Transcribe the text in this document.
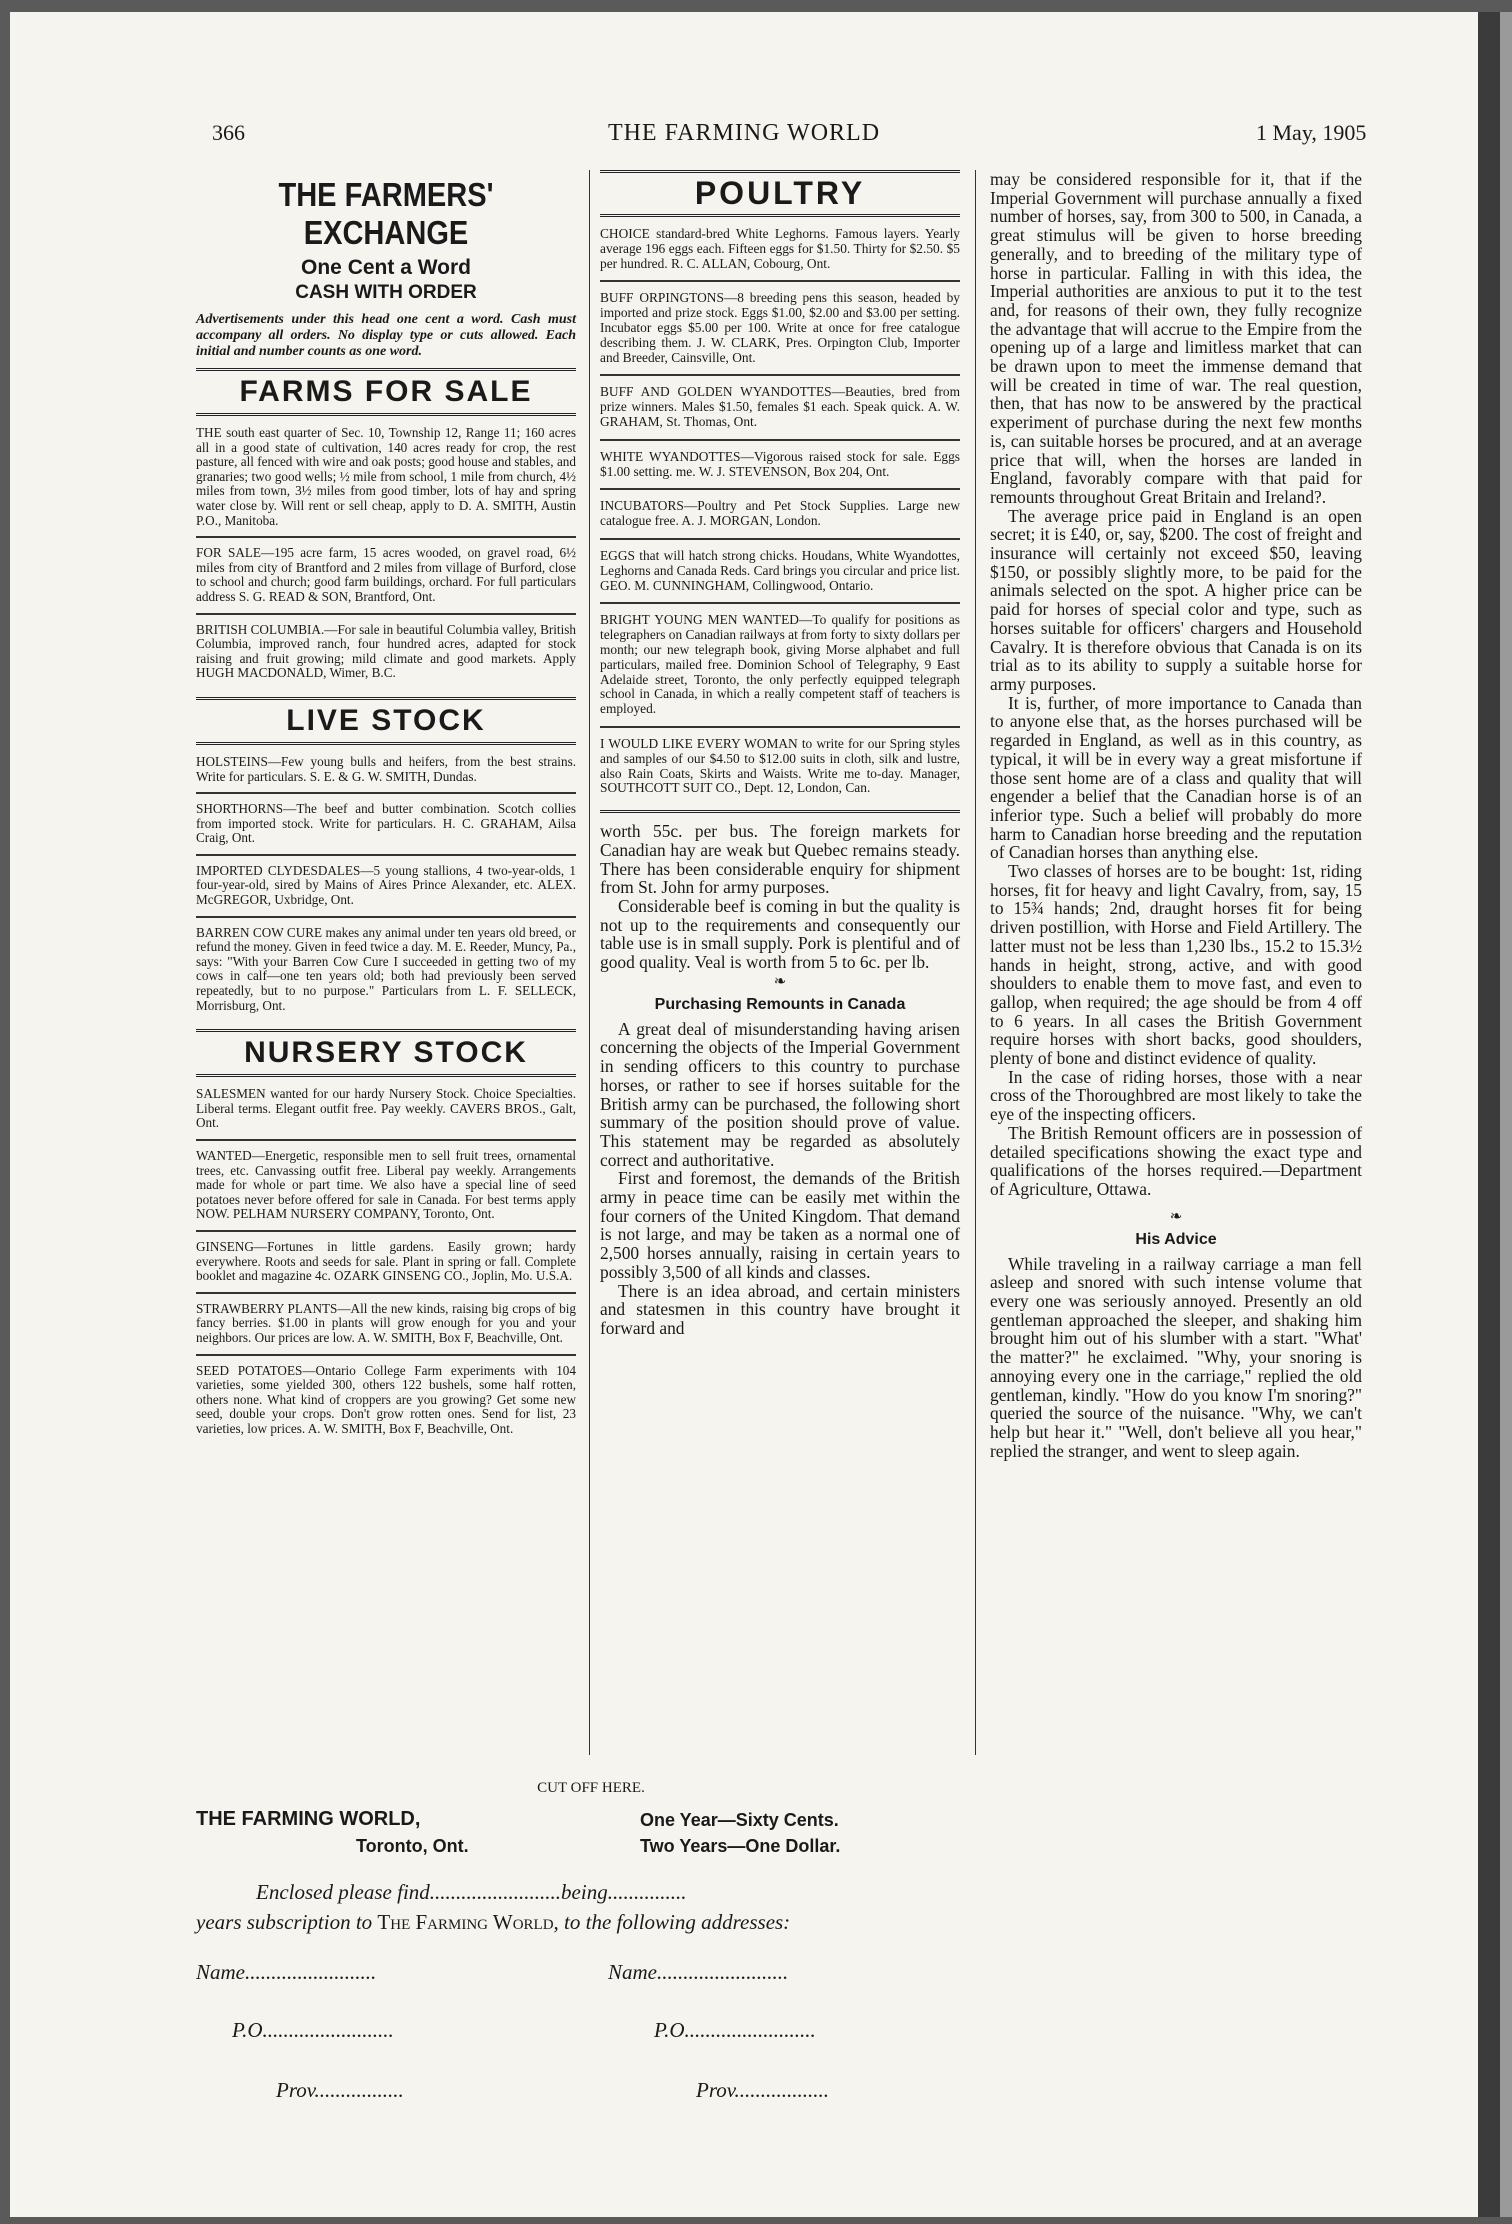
366	THE FARMING WORLD	1 May, 1905
THE FARMERS' EXCHANGE
One Cent a Word
CASH WITH ORDER
Advertisements under this head one cent a word. Cash must accompany all orders. No display type or cuts allowed. Each initial and number counts as one word.
FARMS FOR SALE
THE south east quarter of Sec. 10, Township 12, Range 11; 160 acres all in a good state of cultivation, 140 acres ready for crop, the rest pasture, all fenced with wire and oak posts; good house and stables, and granaries; two good wells; ½ mile from school, 1 mile from church, 4½ miles from town, 3½ miles from good timber, lots of hay and spring water close by. Will rent or sell cheap, apply to D. A. SMITH, Austin P.O., Manitoba.
FOR SALE—195 acre farm, 15 acres wooded, on gravel road, 6½ miles from city of Brantford and 2 miles from village of Burford, close to school and church; good farm buildings, orchard. For full particulars address S. G. READ & SON, Brantford, Ont.
BRITISH COLUMBIA.—For sale in beautiful Columbia valley, British Columbia, improved ranch, four hundred acres, adapted for stock raising and fruit growing; mild climate and good markets. Apply HUGH MACDONALD, Wimer, B.C.
LIVE STOCK
HOLSTEINS—Few young bulls and heifers, from the best strains. Write for particulars. S. E. & G. W. SMITH, Dundas.
SHORTHORNS—The beef and butter combination. Scotch collies from imported stock. Write for particulars. H. C. GRAHAM, Ailsa Craig, Ont.
IMPORTED CLYDESDALES—5 young stallions, 4 two-year-olds, 1 four-year-old, sired by Mains of Aires Prince Alexander, etc. ALEX. McGREGOR, Uxbridge, Ont.
BARREN COW CURE makes any animal under ten years old breed, or refund the money. Given in feed twice a day. M. E. Reeder, Muncy, Pa., says: "With your Barren Cow Cure I succeeded in getting two of my cows in calf—one ten years old; both had previously been served repeatedly, but to no purpose." Particulars from L. F. SELLECK, Morrisburg, Ont.
NURSERY STOCK
SALESMEN wanted for our hardy Nursery Stock. Choice Specialties. Liberal terms. Elegant outfit free. Pay weekly. CAVERS BROS., Galt, Ont.
WANTED—Energetic, responsible men to sell fruit trees, ornamental trees, etc. Canvassing outfit free. Liberal pay weekly. Arrangements made for whole or part time. We also have a special line of seed potatoes never before offered for sale in Canada. For best terms apply NOW. PELHAM NURSERY COMPANY, Toronto, Ont.
GINSENG—Fortunes in little gardens. Easily grown; hardy everywhere. Roots and seeds for sale. Plant in spring or fall. Complete booklet and magazine 4c. OZARK GINSENG CO., Joplin, Mo. U.S.A.
STRAWBERRY PLANTS—All the new kinds, raising big crops of big fancy berries. $1.00 in plants will grow enough for you and your neighbors. Our prices are low. A. W. SMITH, Box F, Beachville, Ont.
SEED POTATOES—Ontario College Farm experiments with 104 varieties, some yielded 300, others 122 bushels, some half rotten, others none. What kind of croppers are you growing? Get some new seed, double your crops. Don't grow rotten ones. Send for list, 23 varieties, low prices. A. W. SMITH, Box F, Beachville, Ont.
POULTRY
CHOICE standard-bred White Leghorns. Famous layers. Yearly average 196 eggs each. Fifteen eggs for $1.50. Thirty for $2.50. $5 per hundred. R. C. ALLAN, Cobourg, Ont.
BUFF ORPINGTONS—8 breeding pens this season, headed by imported and prize stock. Eggs $1.00, $2.00 and $3.00 per setting. Incubator eggs $5.00 per 100. Write at once for free catalogue describing them. J. W. CLARK, Pres. Orpington Club, Importer and Breeder, Cainsville, Ont.
BUFF AND GOLDEN WYANDOTTES—Beauties, bred from prize winners. Males $1.50, females $1 each. Speak quick. A. W. GRAHAM, St. Thomas, Ont.
WHITE WYANDOTTES—Vigorous raised stock for sale. Eggs $1.00 setting. me. W. J. STEVENSON, Box 204, Ont.
INCUBATORS—Poultry and Pet Stock Supplies. Large new catalogue free. A. J. MORGAN, London.
EGGS that will hatch strong chicks. Houdans, White Wyandottes, Leghorns and Canada Reds. Card brings you circular and price list. GEO. M. CUNNINGHAM, Collingwood, Ontario.
BRIGHT YOUNG MEN WANTED—To qualify for positions as telegraphers on Canadian railways at from forty to sixty dollars per month; our new telegraph book, giving Morse alphabet and full particulars, mailed free. Dominion School of Telegraphy, 9 East Adelaide street, Toronto, the only perfectly equipped telegraph school in Canada, in which a really competent staff of teachers is employed.
I WOULD LIKE EVERY WOMAN to write for our Spring styles and samples of our $4.50 to $12.00 suits in cloth, silk and lustre, also Rain Coats, Skirts and Waists. Write me to-day. Manager, SOUTHCOTT SUIT CO., Dept. 12, London, Can.

worth 55c. per bus. The foreign markets for Canadian hay are weak but Quebec remains steady. There has been considerable enquiry for shipment from St. John for army purposes.

Considerable beef is coming in but the quality is not up to the requirements and consequently our table use is in small supply. Pork is plentiful and of good quality. Veal is worth from 5 to 6c. per lb.

❧
Purchasing Remounts in Canada

A great deal of misunderstanding having arisen concerning the objects of the Imperial Government in sending officers to this country to purchase horses, or rather to see if horses suitable for the British army can be purchased, the following short summary of the position should prove of value. This statement may be regarded as absolutely correct and authoritative.

First and foremost, the demands of the British army in peace time can be easily met within the four corners of the United Kingdom. That demand is not large, and may be taken as a normal one of 2,500 horses annually, raising in certain years to possibly 3,500 of all kinds and classes.

There is an idea abroad, and certain ministers and statesmen in this country have brought it forward and

may be considered responsible for it, that if the Imperial Government will purchase annually a fixed number of horses, say, from 300 to 500, in Canada, a great stimulus will be given to horse breeding generally, and to breeding of the military type of horse in particular. Falling in with this idea, the Imperial authorities are anxious to put it to the test and, for reasons of their own, they fully recognize the advantage that will accrue to the Empire from the opening up of a large and limitless market that can be drawn upon to meet the immense demand that will be created in time of war. The real question, then, that has now to be answered by the practical experiment of purchase during the next few months is, can suitable horses be procured, and at an average price that will, when the horses are landed in England, favorably compare with that paid for remounts throughout Great Britain and Ireland?.

The average price paid in England is an open secret; it is £40, or, say, $200. The cost of freight and insurance will certainly not exceed $50, leaving $150, or possibly slightly more, to be paid for the animals selected on the spot. A higher price can be paid for horses of special color and type, such as horses suitable for officers' chargers and Household Cavalry. It is therefore obvious that Canada is on its trial as to its ability to supply a suitable horse for army purposes.

It is, further, of more importance to Canada than to anyone else that, as the horses purchased will be regarded in England, as well as in this country, as typical, it will be in every way a great misfortune if those sent home are of a class and quality that will engender a belief that the Canadian horse is of an inferior type. Such a belief will probably do more harm to Canadian horse breeding and the reputation of Canadian horses than anything else.

Two classes of horses are to be bought: 1st, riding horses, fit for heavy and light Cavalry, from, say, 15 to 15¾ hands; 2nd, draught horses fit for being driven postillion, with Horse and Field Artillery. The latter must not be less than 1,230 lbs., 15.2 to 15.3½ hands in height, strong, active, and with good shoulders to enable them to move fast, and even to gallop, when required; the age should be from 4 off to 6 years. In all cases the British Government require horses with short backs, good shoulders, plenty of bone and distinct evidence of quality.

In the case of riding horses, those with a near cross of the Thoroughbred are most likely to take the eye of the inspecting officers.

The British Remount officers are in possession of detailed specifications showing the exact type and qualifications of the horses required.—Department of Agriculture, Ottawa.

❧
His Advice

While traveling in a railway carriage a man fell asleep and snored with such intense volume that every one was seriously annoyed. Presently an old gentleman approached the sleeper, and shaking him brought him out of his slumber with a start. "What' the matter?" he exclaimed. "Why, your snoring is annoying every one in the carriage," replied the old gentleman, kindly. "How do you know I'm snoring?" queried the source of the nuisance. "Why, we can't help but hear it." "Well, don't believe all you hear," replied the stranger, and went to sleep again.

CUT OFF HERE.
THE FARMING WORLD,
Toronto, Ont.
One Year—Sixty Cents.
Two Years—One Dollar.
Enclosed please find.........................being...............
years subscription to The Farming World, to the following addresses:
Name.........................	Name.........................
P.O.........................	P.O.........................
Prov.................	Prov..................
